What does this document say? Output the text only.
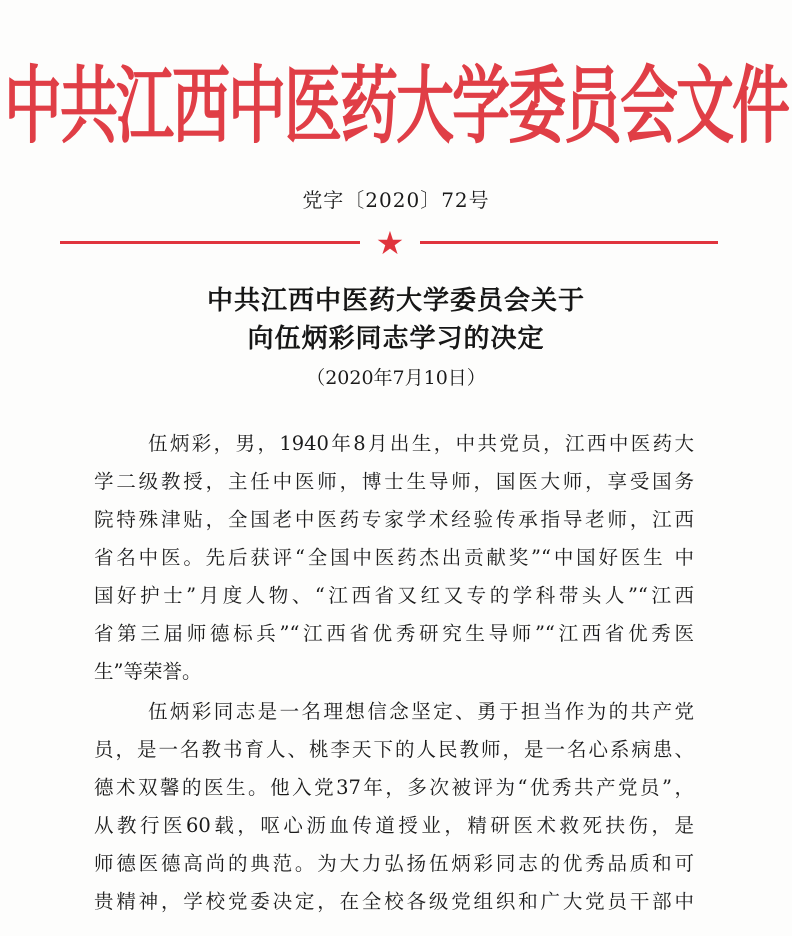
中共江西中医药大学委员会文件
党字〔2020〕72号
★
中共江西中医药大学委员会关于
向伍炳彩同志学习的决定
（2020年7月10日）
伍炳彩，男，1940年8月出生，中共党员，江西中医药大
学二级教授，主任中医师，博士生导师，国医大师，享受国务
院特殊津贴，全国老中医药专家学术经验传承指导老师，江西
省名中医。先后获评“全国中医药杰出贡献奖”“中国好医生 中
国好护士”月度人物、“江西省又红又专的学科带头人”“江西
省第三届师德标兵”“江西省优秀研究生导师”“江西省优秀医
生”等荣誉。
伍炳彩同志是一名理想信念坚定、勇于担当作为的共产党
员，是一名教书育人、桃李天下的人民教师，是一名心系病患、
德术双馨的医生。他入党37年，多次被评为“优秀共产党员”，
从教行医60载，呕心沥血传道授业，精研医术救死扶伤，是
师德医德高尚的典范。为大力弘扬伍炳彩同志的优秀品质和可
贵精神，学校党委决定，在全校各级党组织和广大党员干部中
